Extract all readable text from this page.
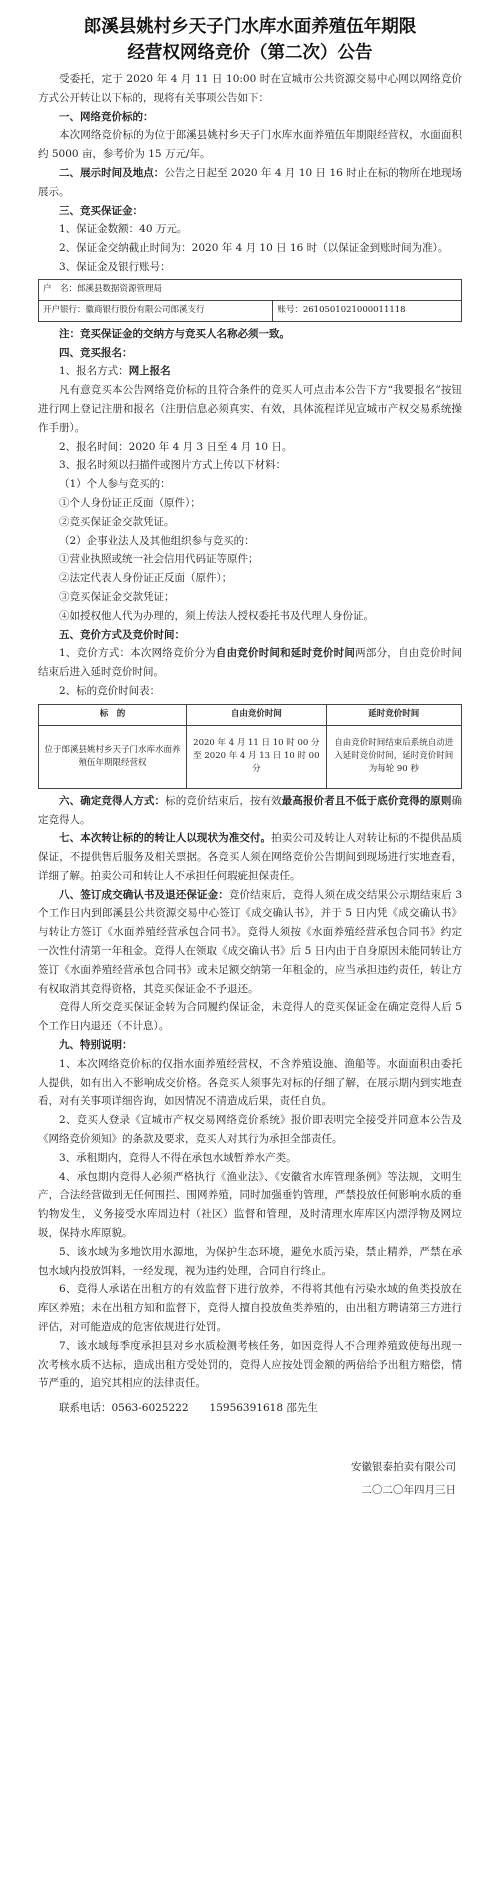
郎溪县姚村乡天子门水库水面养殖伍年期限
经营权网络竞价（第二次）公告

受委托，定于 2020 年 4 月 11 日 10:00 时在宣城市公共资源交易中心网以网络竞价方式公开转让以下标的，现将有关事项公告如下：

一、网络竞价标的：

本次网络竞价标的为位于郎溪县姚村乡天子门水库水面养殖伍年期限经营权，水面面积约 5000 亩，参考价为 15 万元/年。

二、展示时间及地点：公告之日起至 2020 年 4 月 10 日 16 时止在标的物所在地现场展示。

三、竞买保证金：

1、保证金数额：40 万元。

2、保证金交纳截止时间为：2020 年 4 月 10 日 16 时（以保证金到账时间为准）。

3、保证金及银行账号：

户　名：郎溪县数据资源管理局
开户银行：徽商银行股份有限公司郎溪支行	账号：2610501021000011118

注：竞买保证金的交纳方与竞买人名称必须一致。

四、竞买报名：

1、报名方式：网上报名

凡有意竞买本公告网络竞价标的且符合条件的竞买人可点击本公告下方“我要报名”按钮进行网上登记注册和报名（注册信息必须真实、有效，具体流程详见宣城市产权交易系统操作手册）。

2、报名时间：2020 年 4 月 3 日至 4 月 10 日。

3、报名时须以扫描件或图片方式上传以下材料：

（1）个人参与竞买的：

①个人身份证正反面（原件）；

②竞买保证金交款凭证。

（2）企事业法人及其他组织参与竞买的：

①营业执照或统一社会信用代码证等原件；

②法定代表人身份证正反面（原件）；

③竞买保证金交款凭证；

④如授权他人代为办理的，须上传法人授权委托书及代理人身份证。

五、竞价方式及竞价时间：

1、竞价方式：本次网络竞价分为自由竞价时间和延时竞价时间两部分，自由竞价时间结束后进入延时竞价时间。

2、标的竞价时间表：

标　的	自由竞价时间	延时竞价时间
位于郎溪县姚村乡天子门水库水面养殖伍年期限经营权	2020 年 4 月 11 日 10 时 00 分至 2020 年 4 月 13 日 10 时 00 分	自由竞价时间结束后系统自动进入延时竞价时间，延时竞价时间为每轮 90 秒

六、确定竞得人方式：标的竞价结束后，按有效最高报价者且不低于底价竞得的原则确定竞得人。

七、本次转让标的的转让人以现状为准交付。拍卖公司及转让人对转让标的不提供品质保证，不提供售后服务及相关票据。各竞买人须在网络竞价公告期间到现场进行实地查看，详细了解。拍卖公司和转让人不承担任何瑕疵担保责任。

八、签订成交确认书及退还保证金：竞价结束后，竞得人须在成交结果公示期结束后 3 个工作日内到郎溪县公共资源交易中心签订《成交确认书》，并于 5 日内凭《成交确认书》与转让方签订《水面养殖经营承包合同书》。竞得人须按《水面养殖经营承包合同书》约定一次性付清第一年租金。竞得人在领取《成交确认书》后 5 日内由于自身原因未能同转让方签订《水面养殖经营承包合同书》或未足额交纳第一年租金的，应当承担违约责任，转让方有权取消其竞得资格，其竞买保证金不予退还。

竞得人所交竞买保证金转为合同履约保证金，未竞得人的竞买保证金在确定竞得人后 5 个工作日内退还（不计息）。

九、特别说明：

1、本次网络竞价标的仅指水面养殖经营权，不含养殖设施、渔船等。水面面积由委托人提供，如有出入不影响成交价格。各竞买人须事先对标的仔细了解，在展示期内到实地查看，对有关事项详细咨询，如因情况不清造成后果，责任自负。

2、竞买人登录《宣城市产权交易网络竞价系统》报价即表明完全接受并同意本公告及《网络竞价须知》的条款及要求，竞买人对其行为承担全部责任。

3、承租期内，竞得人不得在承包水域暂养水产类。

4、承包期内竞得人必须严格执行《渔业法》、《安徽省水库管理条例》等法规，文明生产，合法经营做到无任何围拦、围网养殖，同时加强垂钓管理，严禁投放任何影响水质的垂钓物发生，义务接受水库周边村（社区）监督和管理，及时清理水库库区内漂浮物及网垃圾，保持水库原貌。

5、该水域为多地饮用水源地，为保护生态环境，避免水质污染，禁止精养，严禁在承包水域内投放饵料，一经发现，视为违约处理，合同自行终止。

6、竞得人承诺在出租方的有效监督下进行放养，不得将其他有污染水域的鱼类投放在库区养殖；未在出租方知和监督下，竞得人擅自投放鱼类养殖的，由出租方聘请第三方进行评估，对可能造成的危害依规进行处罚。

7、该水域每季度承担县对乡水质检测考核任务，如因竞得人不合理养殖致使每出现一次考核水质不达标，造成出租方受处罚的，竞得人应按处罚金额的两倍给予出租方赔偿，情节严重的，追究其相应的法律责任。

联系电话：0563-6025222　　15956391618 邵先生

安徽银泰拍卖有限公司

二〇二〇年四月三日
